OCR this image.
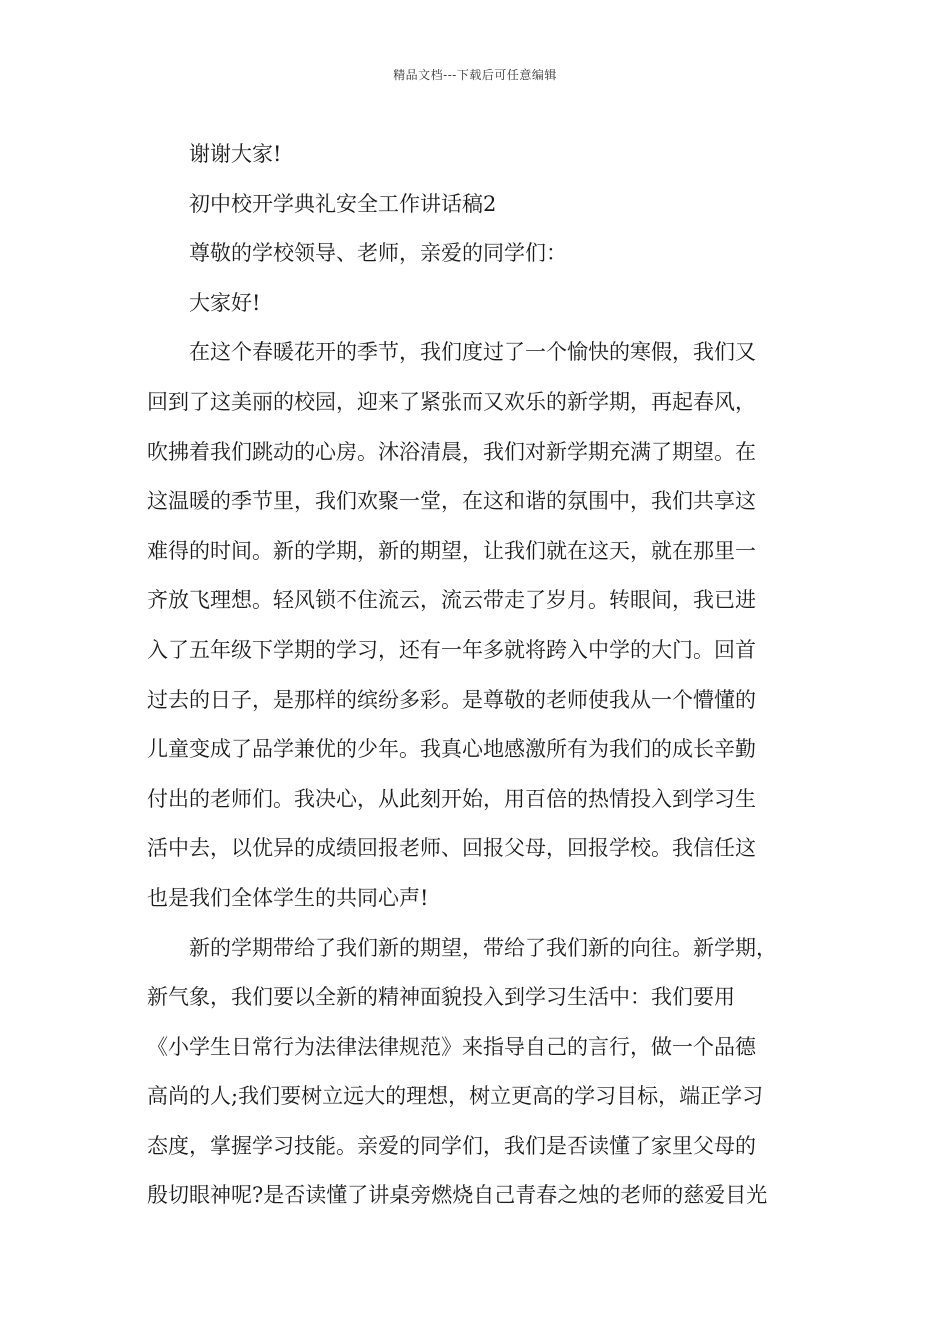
精品文档---下载后可任意编辑
谢谢大家!
初中校开学典礼安全工作讲话稿2
尊敬的学校领导、老师，亲爱的同学们：
大家好!
在这个春暖花开的季节，我们度过了一个愉快的寒假，我们又
回到了这美丽的校园，迎来了紧张而又欢乐的新学期，再起春风，
吹拂着我们跳动的心房。沐浴清晨，我们对新学期充满了期望。在
这温暖的季节里，我们欢聚一堂，在这和谐的氛围中，我们共享这
难得的时间。新的学期，新的期望，让我们就在这天，就在那里一
齐放飞理想。轻风锁不住流云，流云带走了岁月。转眼间，我已进
入了五年级下学期的学习，还有一年多就将跨入中学的大门。回首
过去的日子，是那样的缤纷多彩。是尊敬的老师使我从一个懵懂的
儿童变成了品学兼优的少年。我真心地感激所有为我们的成长辛勤
付出的老师们。我决心，从此刻开始，用百倍的热情投入到学习生
活中去，以优异的成绩回报老师、回报父母，回报学校。我信任这
也是我们全体学生的共同心声!
新的学期带给了我们新的期望，带给了我们新的向往。新学期，
新气象，我们要以全新的精神面貌投入到学习生活中：我们要用
《小学生日常行为法律法律规范》来指导自己的言行，做一个品德
高尚的人;我们要树立远大的理想，树立更高的学习目标，端正学习
态度，掌握学习技能。亲爱的同学们，我们是否读懂了家里父母的
殷切眼神呢?是否读懂了讲桌旁燃烧自己青春之烛的老师的慈爱目光
